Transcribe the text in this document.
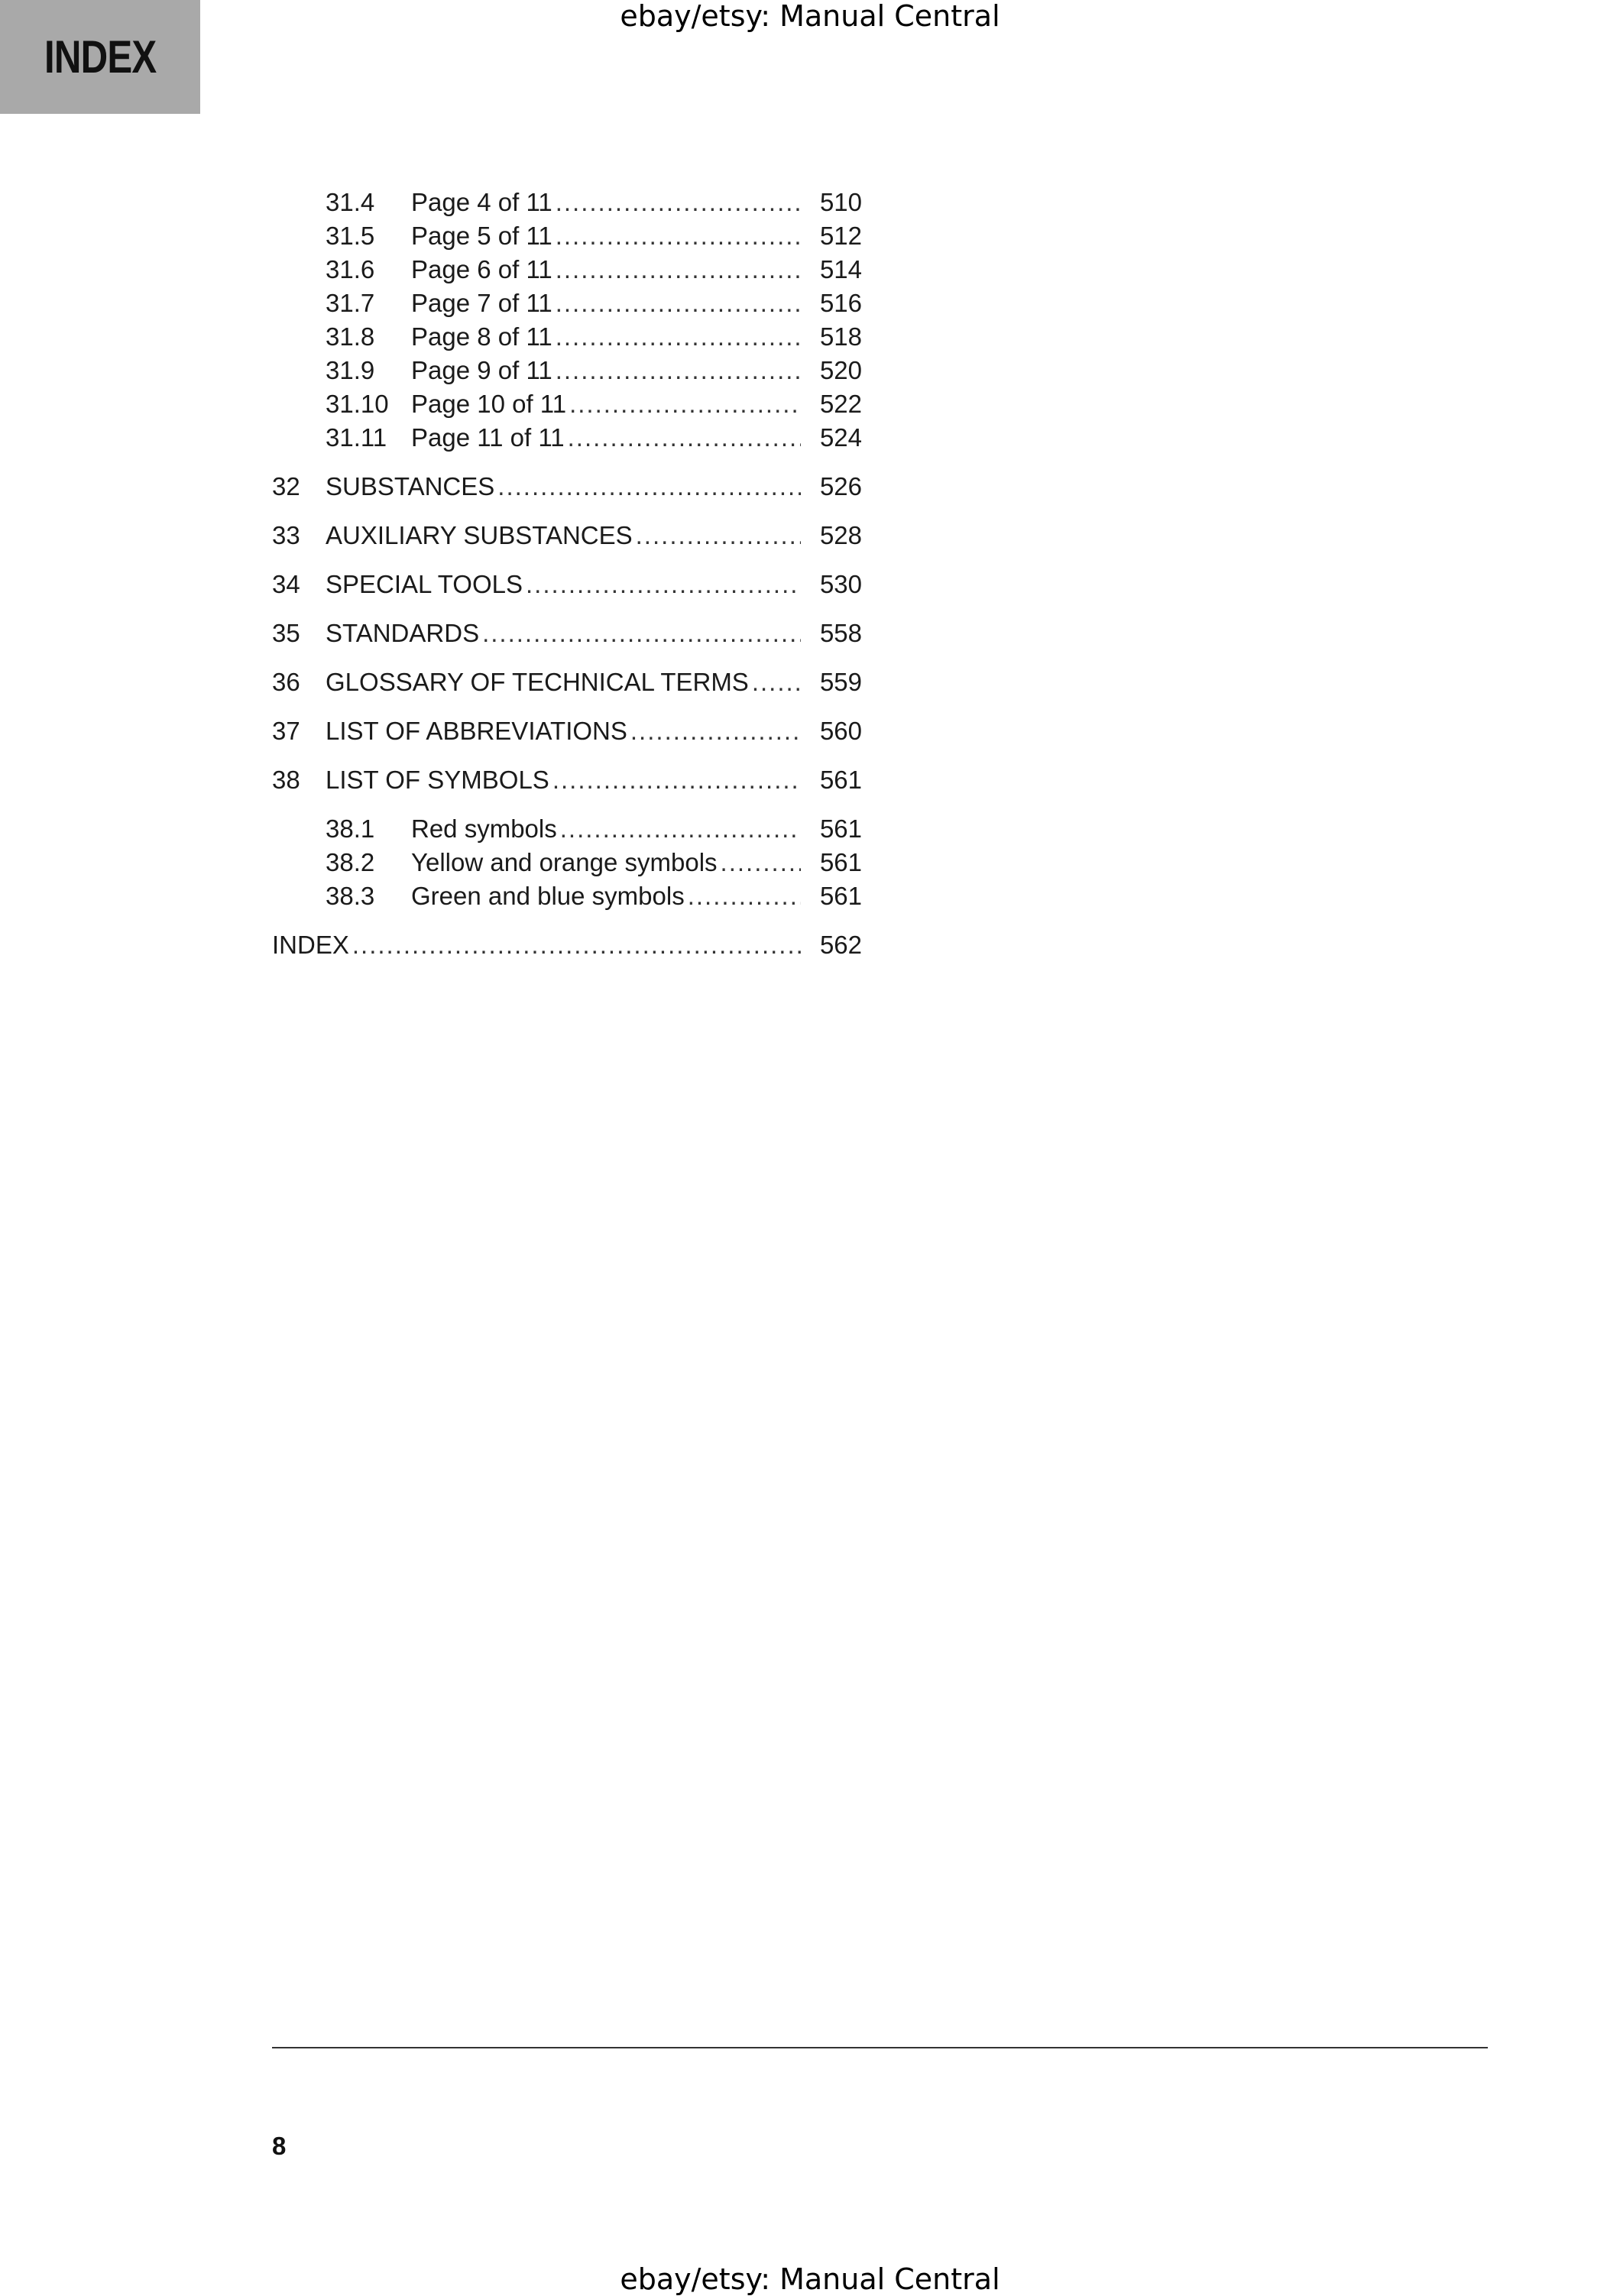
INDEX
ebay/etsy: Manual Central
31.4	Page 4 of 11 .....	510
31.5	Page 5 of 11 .....	512
31.6	Page 6 of 11 .....	514
31.7	Page 7 of 11 .....	516
31.8	Page 8 of 11 .....	518
31.9	Page 9 of 11 .....	520
31.10 Page 10 of 11 .....	522
31.11 Page 11 of 11 .....	524
32	SUBSTANCES .....	526
33	AUXILIARY SUBSTANCES .....	528
34	SPECIAL TOOLS .....	530
35	STANDARDS .....	558
36	GLOSSARY OF TECHNICAL TERMS .....	559
37	LIST OF ABBREVIATIONS .....	560
38	LIST OF SYMBOLS .....	561
38.1	Red symbols .....	561
38.2	Yellow and orange symbols .....	561
38.3	Green and blue symbols .....	561
INDEX .....	562
8
ebay/etsy: Manual Central
